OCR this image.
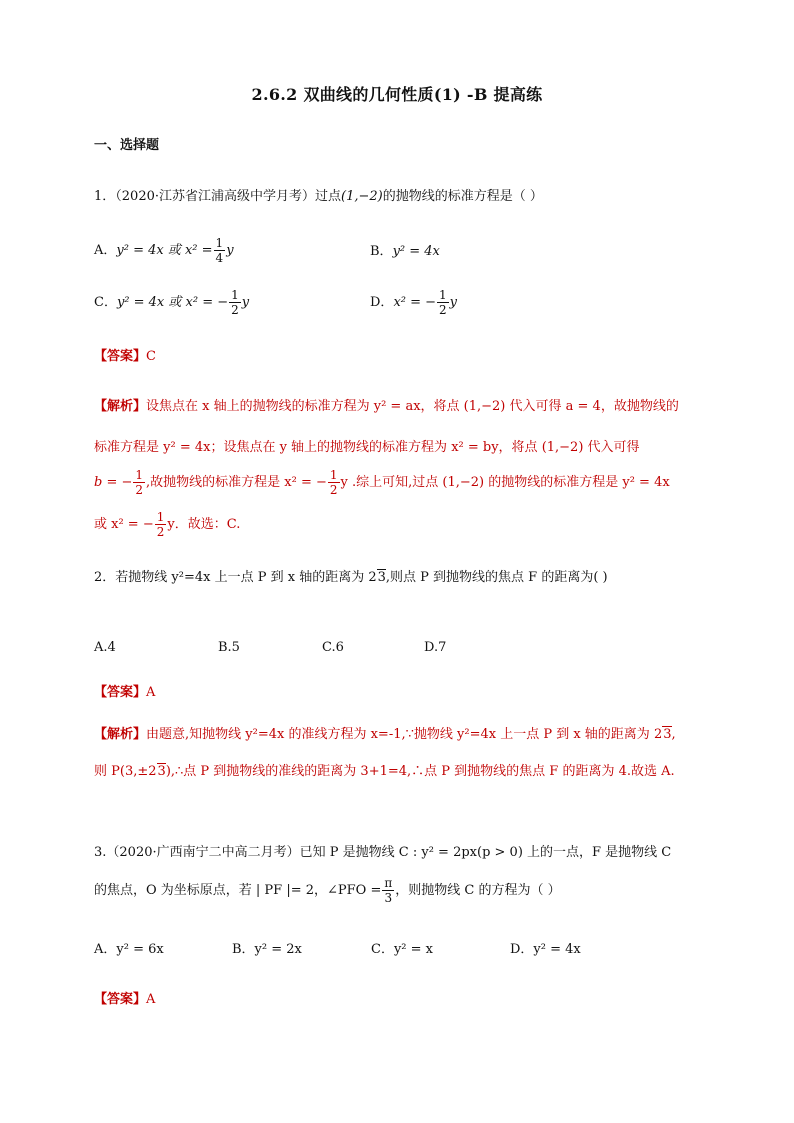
2.6.2 双曲线的几何性质(1) -B 提高练
一、选择题
1．（2020·江苏省江浦高级中学月考）过点(1,−2)的抛物线的标准方程是（ ）
A．y² = 4x 或 $x^2 = \frac{1}{4}$ y	B．y² = 4x
C．y² = 4x 或 x² = − $\frac{1}{2}$ y	D．x² = − $\frac{1}{2}$ y
【答案】C
【解析】设焦点在 x 轴上的抛物线的标准方程为 y² = ax，将点 (1,−2) 代入可得 a = 4，故抛物线的
标准方程是 y² = 4x；设焦点在 y 轴上的抛物线的标准方程为 x² = by，将点 (1,−2) 代入可得
b = − $\frac{1}{2}$ ,故抛物线的标准方程是 x² = − $\frac{1}{2}$ y .综上可知,过点 (1,−2) 的抛物线的标准方程是 y² = 4x
或 x² = − $\frac{1}{2}$ y．故选：C.
2．若抛物线 y²=4x 上一点 P 到 x 轴的距离为 23,则点 P 到抛物线的焦点 F 的距离为( )
A.4	B.5	C.6	D.7
【答案】A
【解析】由题意,知抛物线 y²=4x 的准线方程为 x=-1,∵抛物线 y²=4x 上一点 P 到 x 轴的距离为 23,
则 P(3,±23),∴点 P 到抛物线的准线的距离为 3+1=4,∴点 P 到抛物线的焦点 F 的距离为 4.故选 A.
3.（2020·广西南宁二中高二月考）已知 P 是抛物线 C : y² = 2px(p > 0) 上的一点，F 是抛物线 C
的焦点，O 为坐标原点，若 | PF |= 2，∠PFO = $\frac{\pi}{3}$ ，则抛物线 C 的方程为（ ）
A．y² = 6x	B．y² = 2x	C．y² = x	D．y² = 4x
【答案】A
